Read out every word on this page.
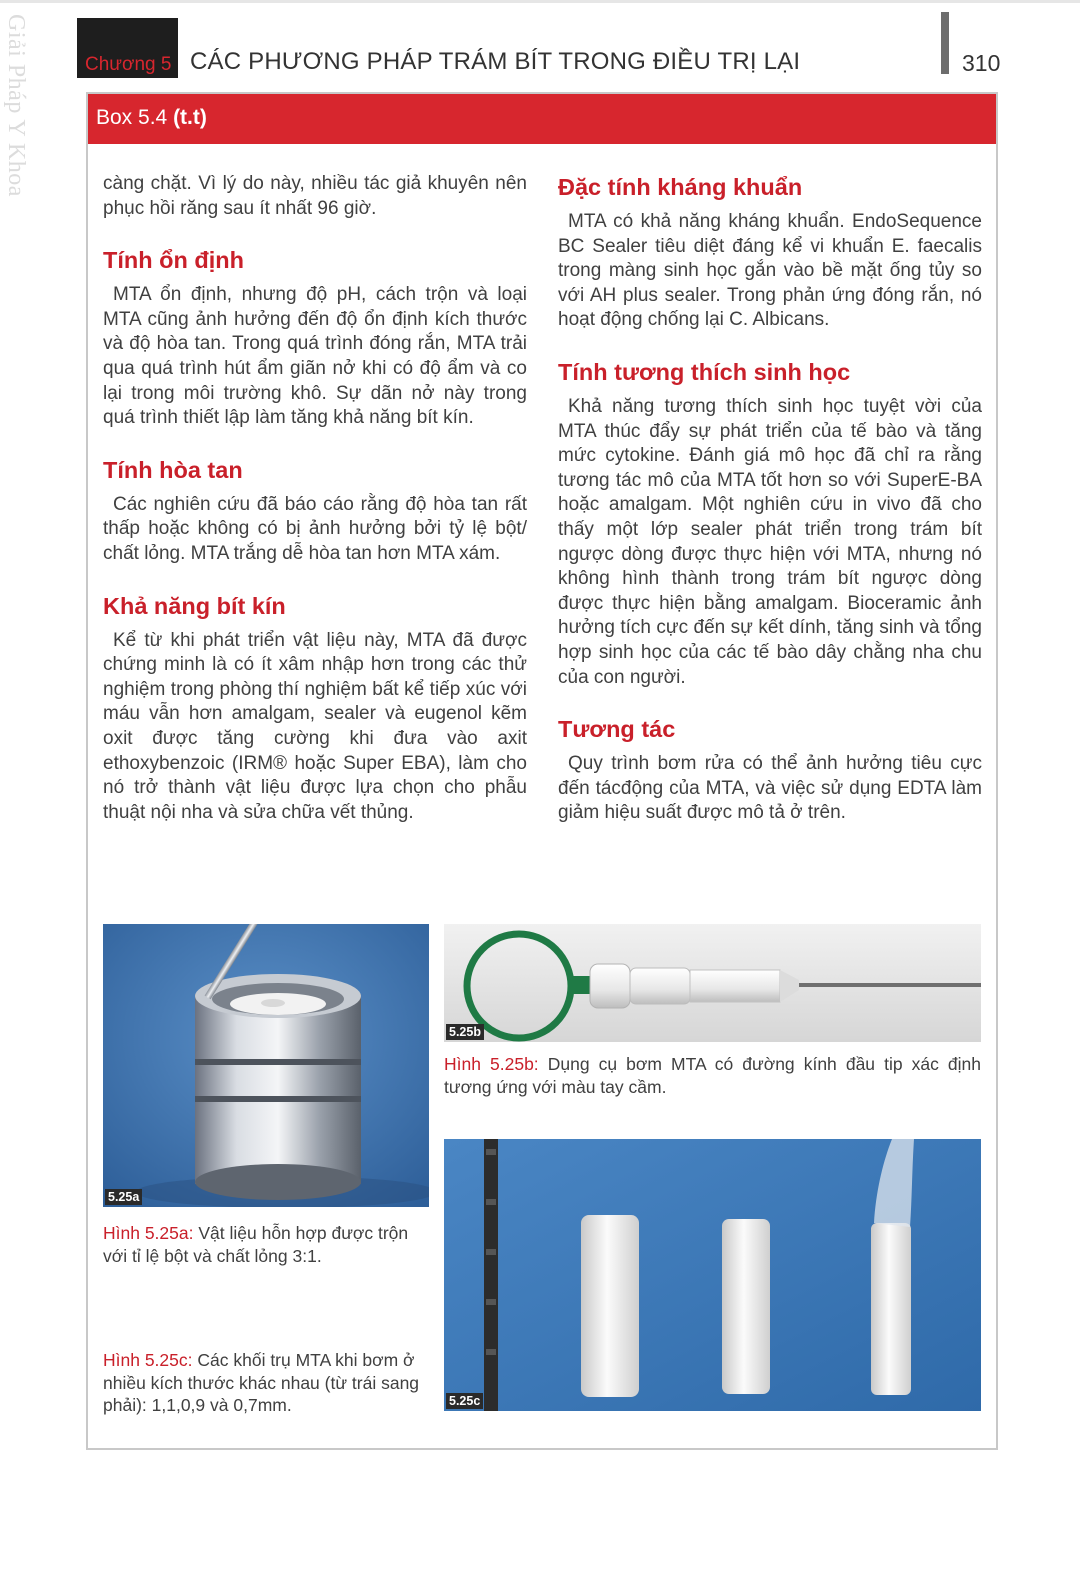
Giải Pháp Y Khoa	Chương 5 CÁC PHƯƠNG PHÁP TRÁM BÍT TRONG ĐIỀU TRỊ LẠI	310
Box 5.4 (t.t)

càng chặt. Vì lý do này, nhiều tác giả khuyên nên phục hồi răng sau ít nhất 96 giờ.

Tính ổn định

MTA ổn định, nhưng độ pH, cách trộn và loại MTA cũng ảnh hưởng đến độ ổn định kích thước và độ hòa tan. Trong quá trình đóng rắn, MTA trải qua quá trình hút ẩm giãn nở khi có độ ẩm và co lại trong môi trường khô. Sự dãn nở này trong quá trình thiết lập làm tăng khả năng bít kín.

Tính hòa tan

Các nghiên cứu đã báo cáo rằng độ hòa tan rất thấp hoặc không có bị ảnh hưởng bởi tỷ lệ bột/ chất lỏng. MTA trắng dễ hòa tan hơn MTA xám.

Khả năng bít kín

Kể từ khi phát triển vật liệu này, MTA đã được chứng minh là có ít xâm nhập hơn trong các thử nghiệm trong phòng thí nghiệm bất kể tiếp xúc với máu vẫn hơn amalgam, sealer và eugenol kẽm oxit được tăng cường khi đưa vào axit ethoxybenzoic (IRM® hoặc Super EBA), làm cho nó trở thành vật liệu được lựa chọn cho phẫu thuật nội nha và sửa chữa vết thủng.

Đặc tính kháng khuẩn

MTA có khả năng kháng khuẩn. EndoSequence BC Sealer tiêu diệt đáng kể vi khuẩn E. faecalis trong màng sinh học gắn vào bề mặt ống tủy so với AH plus sealer. Trong phản ứng đóng rắn, nó hoạt động chống lại C. Albicans.

Tính tương thích sinh học

Khả năng tương thích sinh học tuyệt vời của MTA thúc đẩy sự phát triển của tế bào và tăng mức cytokine. Đánh giá mô học đã chỉ ra rằng tương tác mô của MTA tốt hơn so với SuperE-BA hoặc amalgam. Một nghiên cứu in vivo đã cho thấy một lớp sealer phát triển trong trám bít ngược dòng được thực hiện với MTA, nhưng nó không hình thành trong trám bít ngược dòng được thực hiện bằng amalgam. Bioceramic ảnh hưởng tích cực đến sự kết dính, tăng sinh và tổng hợp sinh học của các tế bào dây chằng nha chu của con người.

Tương tác

Quy trình bơm rửa có thể ảnh hưởng tiêu cực đến tácđộng của MTA, và việc sử dụng EDTA làm giảm hiệu suất được mô tả ở trên.

5.25a
Hình 5.25a: Vật liệu hỗn hợp được trộn với tỉ lệ bột và chất lỏng 3:1.
5.25b
Hình 5.25b: Dụng cụ bơm MTA có đường kính đầu tip xác định tương ứng với màu tay cầm.
5.25c
Hình 5.25c: Các khối trụ MTA khi bơm ở nhiều kích thước khác nhau (từ trái sang phải): 1,1,0,9 và 0,7mm.
